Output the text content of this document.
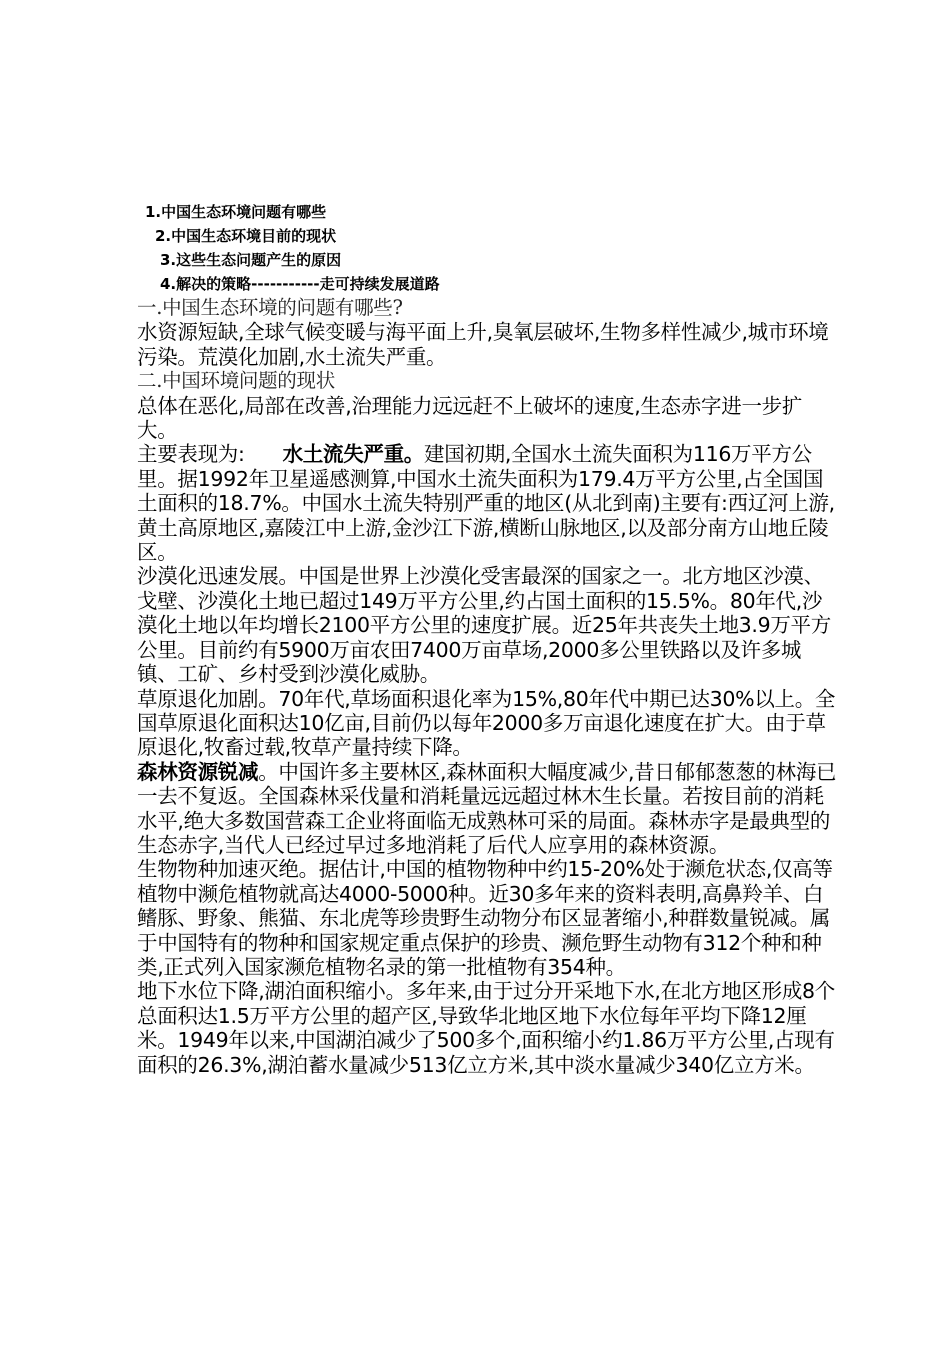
1.中国生态环境问题有哪些
2.中国生态环境目前的现状
3.这些生态问题产生的原因
4.解决的策略-----------走可持续发展道路
一.中国生态环境的问题有哪些?

水资源短缺,全球气候变暖与海平面上升,臭氧层破坏,生物多样性减少,城市环境污染。荒漠化加剧,水土流失严重。

二.中国环境问题的现状

总体在恶化,局部在改善,治理能力远远赶不上破坏的速度,生态赤字进一步扩大。

主要表现为: 水土流失严重。建国初期,全国水土流失面积为116万平方公里。据1992年卫星遥感测算,中国水土流失面积为179.4万平方公里,占全国国土面积的18.7%。中国水土流失特别严重的地区(从北到南)主要有:西辽河上游,黄土高原地区,嘉陵江中上游,金沙江下游,横断山脉地区,以及部分南方山地丘陵区。

沙漠化迅速发展。中国是世界上沙漠化受害最深的国家之一。北方地区沙漠、戈壁、沙漠化土地已超过149万平方公里,约占国土面积的15.5%。80年代,沙漠化土地以年均增长2100平方公里的速度扩展。近25年共丧失土地3.9万平方公里。目前约有5900万亩农田7400万亩草场,2000多公里铁路以及许多城镇、工矿、乡村受到沙漠化威胁。

草原退化加剧。70年代,草场面积退化率为15%,80年代中期已达30%以上。全国草原退化面积达10亿亩,目前仍以每年2000多万亩退化速度在扩大。由于草原退化,牧畜过载,牧草产量持续下降。

森林资源锐减。中国许多主要林区,森林面积大幅度减少,昔日郁郁葱葱的林海已一去不复返。全国森林采伐量和消耗量远远超过林木生长量。若按目前的消耗水平,绝大多数国营森工企业将面临无成熟林可采的局面。森林赤字是最典型的生态赤字,当代人已经过早过多地消耗了后代人应享用的森林资源。

生物物种加速灭绝。据估计,中国的植物物种中约15-20%处于濒危状态,仅高等植物中濒危植物就高达4000-5000种。近30多年来的资料表明,高鼻羚羊、白鳍豚、野象、熊猫、东北虎等珍贵野生动物分布区显著缩小,种群数量锐减。属于中国特有的物种和国家规定重点保护的珍贵、濒危野生动物有312个种和种类,正式列入国家濒危植物名录的第一批植物有354种。

地下水位下降,湖泊面积缩小。多年来,由于过分开采地下水,在北方地区形成8个总面积达1.5万平方公里的超产区,导致华北地区地下水位每年平均下降12厘米。1949年以来,中国湖泊减少了500多个,面积缩小约1.86万平方公里,占现有面积的26.3%,湖泊蓄水量减少513亿立方米,其中淡水量减少340亿立方米。
